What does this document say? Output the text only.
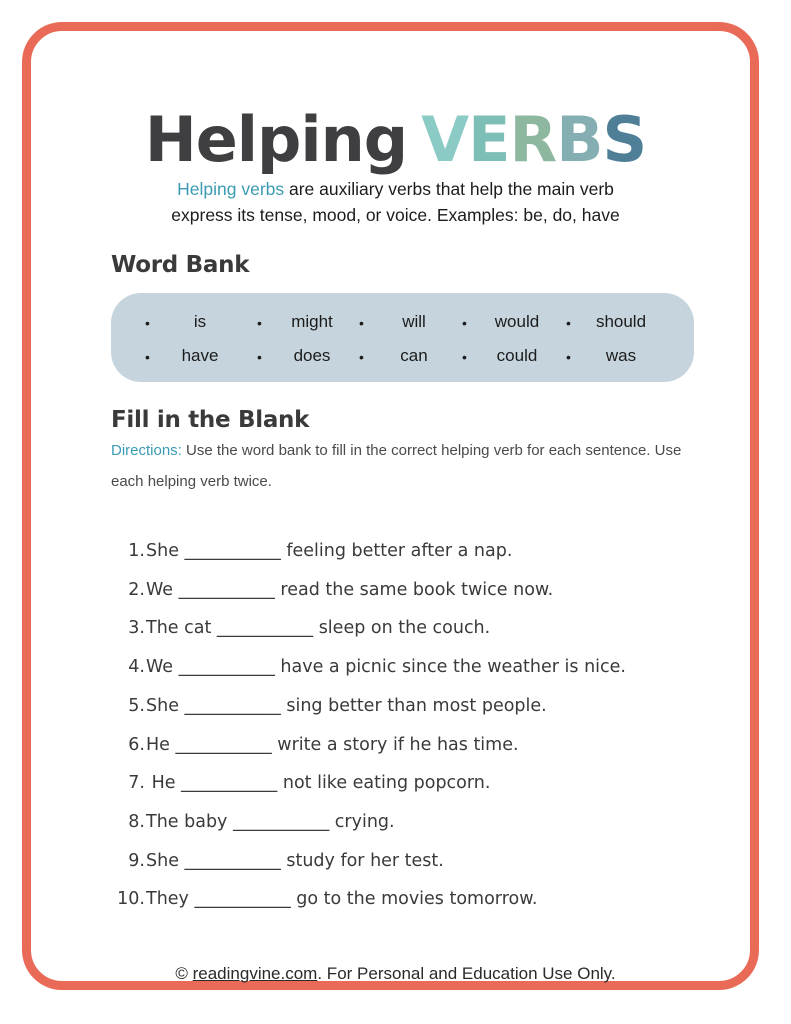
Helping VERBS
Helping verbs are auxiliary verbs that help the main verb
express its tense, mood, or voice. Examples: be, do, have
Word Bank
•	is	•	might	•	will	•	would	•	should
•	have	•	does	•	can	•	could	•	was
Fill in the Blank
Directions: Use the word bank to fill in the correct helping verb for each sentence. Use each helping verb twice.
1.She ___________ feeling better after a nap.
2.We ___________ read the same book twice now.
3.The cat ___________ sleep on the couch.
4.We ___________ have a picnic since the weather is nice.
5.She ___________ sing better than most people.
6.He ___________ write a story if he has time.
7. He ___________ not like eating popcorn.
8.The baby ___________ crying.
9.She ___________ study for her test.
10.They ___________ go to the movies tomorrow.
© readingvine.com. For Personal and Education Use Only.
